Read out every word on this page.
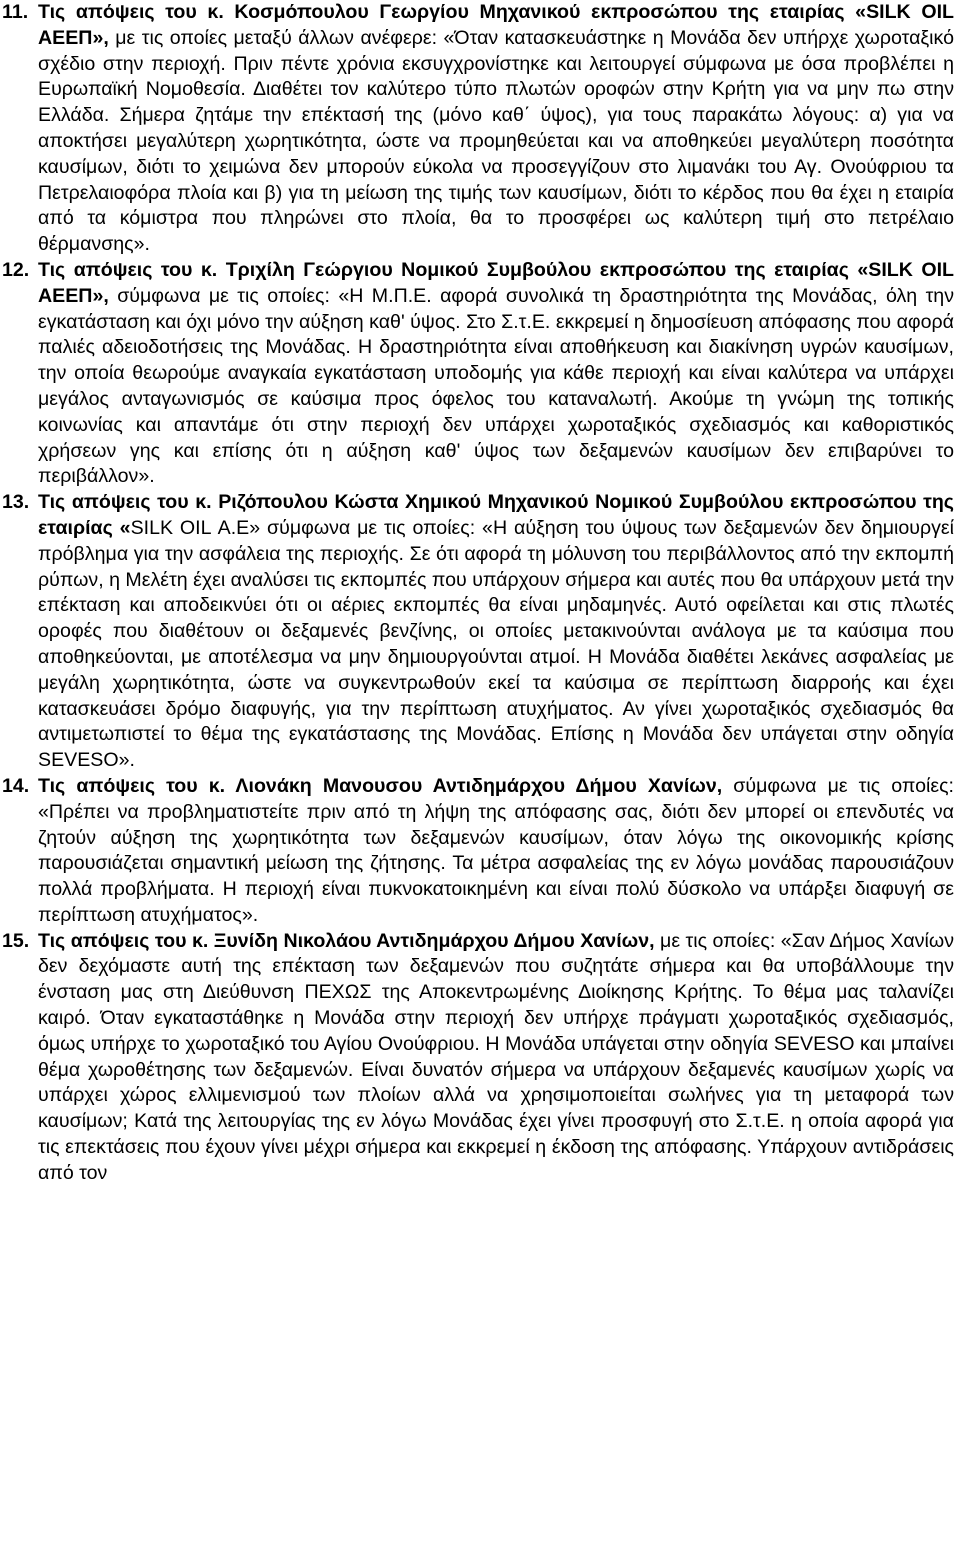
11. Τις απόψεις του κ. Κοσμόπουλου Γεωργίου Μηχανικού εκπροσώπου της εταιρίας «SILK OIL ΑΕΕΠ», με τις οποίες μεταξύ άλλων ανέφερε: «Όταν κατασκευάστηκε η Μονάδα δεν υπήρχε χωροταξικό σχέδιο στην περιοχή. Πριν πέντε χρόνια εκσυγχρονίστηκε και λειτουργεί σύμφωνα με όσα προβλέπει η Ευρωπαϊκή Νομοθεσία. Διαθέτει τον καλύτερο τύπο πλωτών οροφών στην Κρήτη για να μην πω στην Ελλάδα. Σήμερα ζητάμε την επέκτασή της (μόνο καθ΄ ύψος), για τους παρακάτω λόγους: α) για να αποκτήσει μεγαλύτερη χωρητικότητα, ώστε να προμηθεύεται και να αποθηκεύει μεγαλύτερη ποσότητα καυσίμων, διότι το χειμώνα δεν μπορούν εύκολα να προσεγγίζουν στο λιμανάκι του Αγ. Ονούφριου τα Πετρελαιοφόρα πλοία και β) για τη μείωση της τιμής των καυσίμων, διότι το κέρδος που θα έχει η εταιρία από τα κόμιστρα που πληρώνει στο πλοία, θα το προσφέρει ως καλύτερη τιμή στο πετρέλαιο θέρμανσης».

12. Τις απόψεις του κ. Τριχίλη Γεώργιου Νομικού Συμβούλου εκπροσώπου της εταιρίας «SILK OIL ΑΕΕΠ», σύμφωνα με τις οποίες: «Η Μ.Π.Ε. αφορά συνολικά τη δραστηριότητα της Μονάδας, όλη την εγκατάσταση και όχι μόνο την αύξηση καθ' ύψος. Στο Σ.τ.Ε. εκκρεμεί η δημοσίευση απόφασης που αφορά παλιές αδειοδοτήσεις της Μονάδας. Η δραστηριότητα είναι αποθήκευση και διακίνηση υγρών καυσίμων, την οποία θεωρούμε αναγκαία εγκατάσταση υποδομής για κάθε περιοχή και είναι καλύτερα να υπάρχει μεγάλος ανταγωνισμός σε καύσιμα προς όφελος του καταναλωτή. Ακούμε τη γνώμη της τοπικής κοινωνίας και απαντάμε ότι στην περιοχή δεν υπάρχει χωροταξικός σχεδιασμός και καθοριστικός χρήσεων γης και επίσης ότι η αύξηση καθ' ύψος των δεξαμενών καυσίμων δεν επιβαρύνει το περιβάλλον».

13. Τις απόψεις του κ. Ριζόπουλου Κώστα Χημικού Μηχανικού Νομικού Συμβούλου εκπροσώπου της εταιρίας «SILK OIL Α.Ε» σύμφωνα με τις οποίες: «Η αύξηση του ύψους των δεξαμενών δεν δημιουργεί πρόβλημα για την ασφάλεια της περιοχής. Σε ότι αφορά τη μόλυνση του περιβάλλοντος από την εκπομπή ρύπων, η Μελέτη έχει αναλύσει τις εκπομπές που υπάρχουν σήμερα και αυτές που θα υπάρχουν μετά την επέκταση και αποδεικνύει ότι οι αέριες εκπομπές θα είναι μηδαμηνές. Αυτό οφείλεται και στις πλωτές οροφές που διαθέτουν οι δεξαμενές βενζίνης, οι οποίες μετακινούνται ανάλογα με τα καύσιμα που αποθηκεύονται, με αποτέλεσμα να μην δημιουργούνται ατμοί. Η Μονάδα διαθέτει λεκάνες ασφαλείας με μεγάλη χωρητικότητα, ώστε να συγκεντρωθούν εκεί τα καύσιμα σε περίπτωση διαρροής και έχει κατασκευάσει δρόμο διαφυγής, για την περίπτωση ατυχήματος. Αν γίνει χωροταξικός σχεδιασμός θα αντιμετωπιστεί το θέμα της εγκατάστασης της Μονάδας. Επίσης η Μονάδα δεν υπάγεται στην οδηγία SEVESO».

14. Τις απόψεις του κ. Λιονάκη Μανουσου Αντιδημάρχου Δήμου Χανίων, σύμφωνα με τις οποίες: «Πρέπει να προβληματιστείτε πριν από τη λήψη της απόφασης σας, διότι δεν μπορεί οι επενδυτές να ζητούν αύξηση της χωρητικότητα των δεξαμενών καυσίμων, όταν λόγω της οικονομικής κρίσης παρουσιάζεται σημαντική μείωση της ζήτησης. Τα μέτρα ασφαλείας της εν λόγω μονάδας παρουσιάζουν πολλά προβλήματα. Η περιοχή είναι πυκνοκατοικημένη και είναι πολύ δύσκολο να υπάρξει διαφυγή σε περίπτωση ατυχήματος».

15. Τις απόψεις του κ. Ξυνίδη Νικολάου Αντιδημάρχου Δήμου Χανίων, με τις οποίες: «Σαν Δήμος Χανίων δεν δεχόμαστε αυτή της επέκταση των δεξαμενών που συζητάτε σήμερα και θα υποβάλλουμε την ένσταση μας στη Διεύθυνση ΠΕΧΩΣ της Αποκεντρωμένης Διοίκησης Κρήτης. Το θέμα μας ταλανίζει καιρό. Όταν εγκαταστάθηκε η Μονάδα στην περιοχή δεν υπήρχε πράγματι χωροταξικός σχεδιασμός, όμως υπήρχε το χωροταξικό του Αγίου Ονούφριου. Η Μονάδα υπάγεται στην οδηγία SEVESO και μπαίνει θέμα χωροθέτησης των δεξαμενών. Είναι δυνατόν σήμερα να υπάρχουν δεξαμενές καυσίμων χωρίς να υπάρχει χώρος ελλιμενισμού των πλοίων αλλά να χρησιμοποιείται σωλήνες για τη μεταφορά των καυσίμων; Κατά της λειτουργίας της εν λόγω Μονάδας έχει γίνει προσφυγή στο Σ.τ.Ε. η οποία αφορά για τις επεκτάσεις που έχουν γίνει μέχρι σήμερα και εκκρεμεί η έκδοση της απόφασης. Υπάρχουν αντιδράσεις από τον
